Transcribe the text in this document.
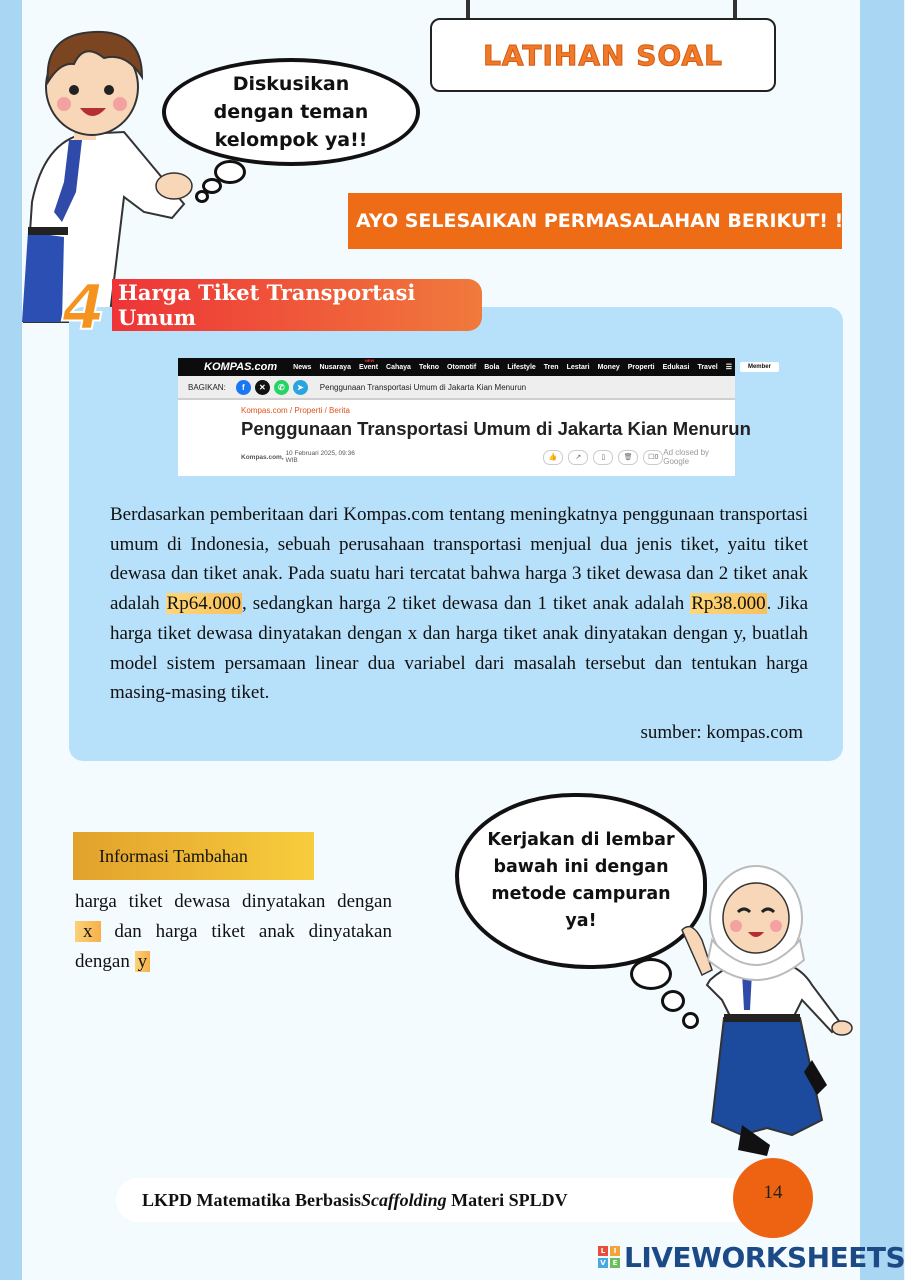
Diskusikan
dengan teman
kelompok ya!!
LATIHAN SOAL
AYO SELESAIKAN PERMASALAHAN BERIKUT! !
4 Harga Tiket Transportasi Umum
KOMPAS.com News Nusaraya Event
NEW
Cahaya Tekno Otomotif Bola Lifestyle Tren Lestari Money Properti Edukasi Travel ☰	Member
BAGIKAN:	f	✕	✆	➤	Penggunaan Transportasi Umum di Jakarta Kian Menurun
Kompas.com / Properti / Berita
Penggunaan Transportasi Umum di Jakarta Kian Menurun
Kompas.com,
10 Februari 2025, 09:36 WIB	👍	↗	▯	🗑	☐ 0 Ad closed by Google
Berdasarkan pemberitaan dari Kompas.com tentang meningkatnya penggunaan transportasi umum di Indonesia, sebuah perusahaan transportasi menjual dua jenis tiket, yaitu tiket dewasa dan tiket anak. Pada suatu hari tercatat bahwa harga 3 tiket dewasa dan 2 tiket anak adalah Rp64.000, sedangkan harga 2 tiket dewasa dan 1 tiket anak adalah Rp38.000. Jika harga tiket dewasa dinyatakan dengan x dan harga tiket anak dinyatakan dengan y, buatlah model sistem persamaan linear dua variabel dari masalah tersebut dan tentukan harga masing-masing tiket.
sumber: kompas.com
Informasi Tambahan
harga tiket dewasa dinyatakan dengan x dan harga tiket anak dinyatakan dengan y
Kerjakan di lembar
bawah ini dengan
metode campuran
ya!
LKPD Matematika Berbasis Scaffolding Materi SPLDV	14
L	I
V E LIVEWORKSHEETS
